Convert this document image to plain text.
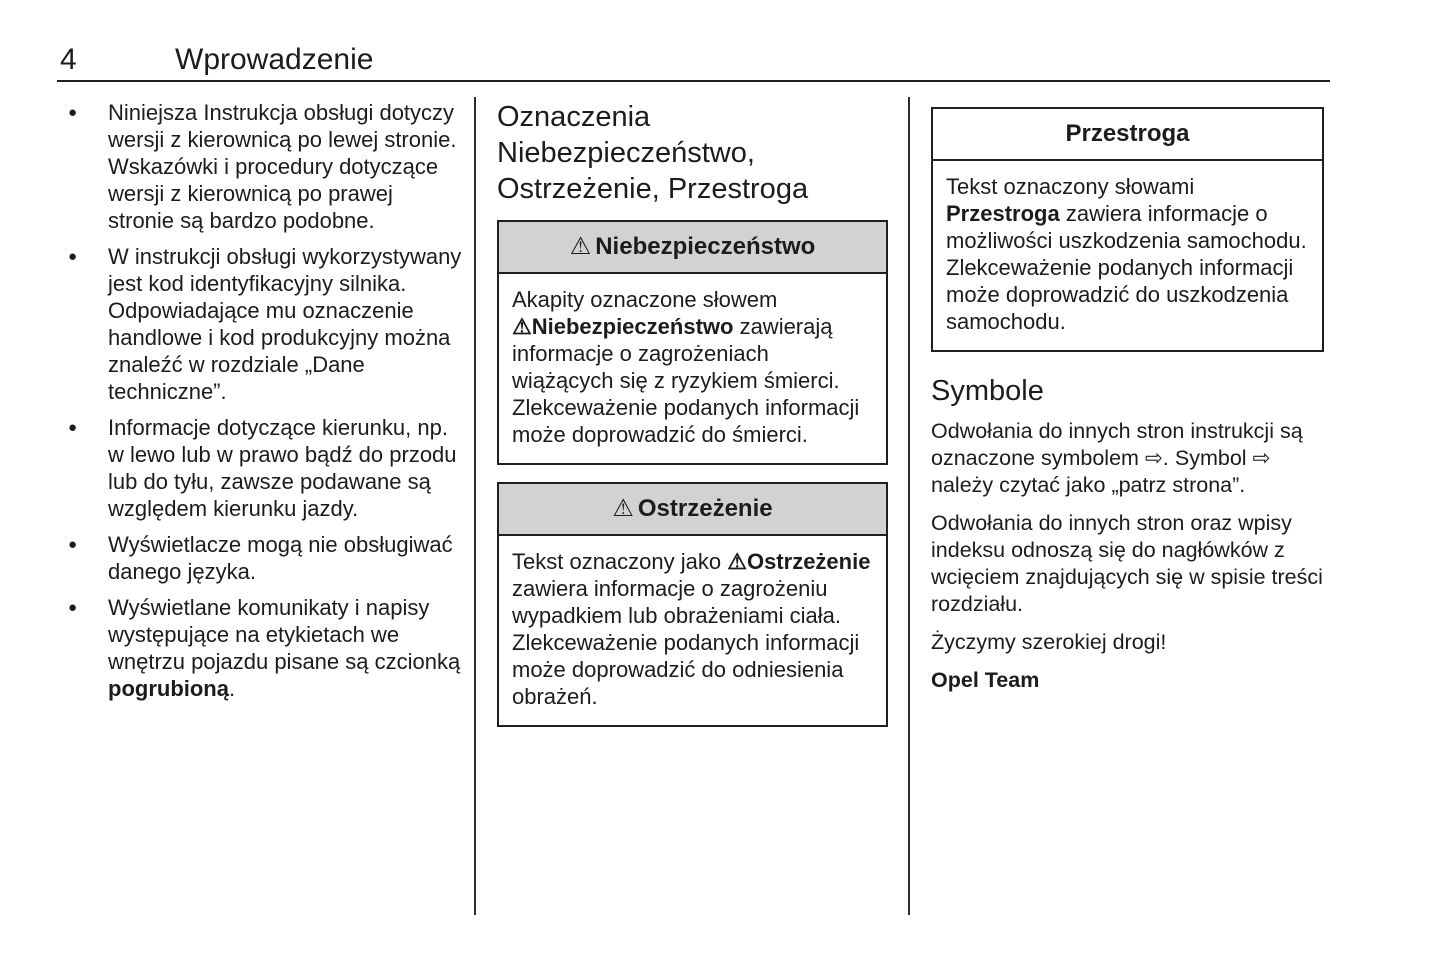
4	Wprowadzenie
●	Niniejsza Instrukcja obsługi dotyczy wersji z kierownicą po lewej stronie. Wskazówki i procedury dotyczące wersji z kierownicą po prawej stronie są bardzo podobne.
●	W instrukcji obsługi wykorzystywany jest kod identyfikacyjny silnika. Odpowiadające mu oznaczenie handlowe i kod produkcyjny można znaleźć w rozdziale „Dane techniczne”.
●	Informacje dotyczące kierunku, np. w lewo lub w prawo bądź do przodu lub do tyłu, zawsze podawane są względem kierunku jazdy.
●	Wyświetlacze mogą nie obsługiwać danego języka.
●	Wyświetlane komunikaty i napisy występujące na etykietach we wnętrzu pojazdu pisane są czcionką pogrubioną.
Oznaczenia Niebezpieczeństwo, Ostrzeżenie, Przestroga
⚠ Niebezpieczeństwo
Akapity oznaczone słowem ⚠Niebezpieczeństwo zawierają informacje o zagrożeniach wiążących się z ryzykiem śmierci. Zlekceważenie podanych informacji może doprowadzić do śmierci.
⚠ Ostrzeżenie
Tekst oznaczony jako ⚠Ostrzeżenie zawiera informacje o zagrożeniu wypadkiem lub obrażeniami ciała. Zlekceważenie podanych informacji może doprowadzić do odniesienia obrażeń.
Przestroga
Tekst oznaczony słowami Przestroga zawiera informacje o możliwości uszkodzenia samochodu. Zlekceważenie podanych informacji może doprowadzić do uszkodzenia samochodu.
Symbole

Odwołania do innych stron instrukcji są oznaczone symbolem ⇨. Symbol ⇨ należy czytać jako „patrz strona”.

Odwołania do innych stron oraz wpisy indeksu odnoszą się do nagłówków z wcięciem znajdujących się w spisie treści rozdziału.

Życzymy szerokiej drogi!

Opel Team
